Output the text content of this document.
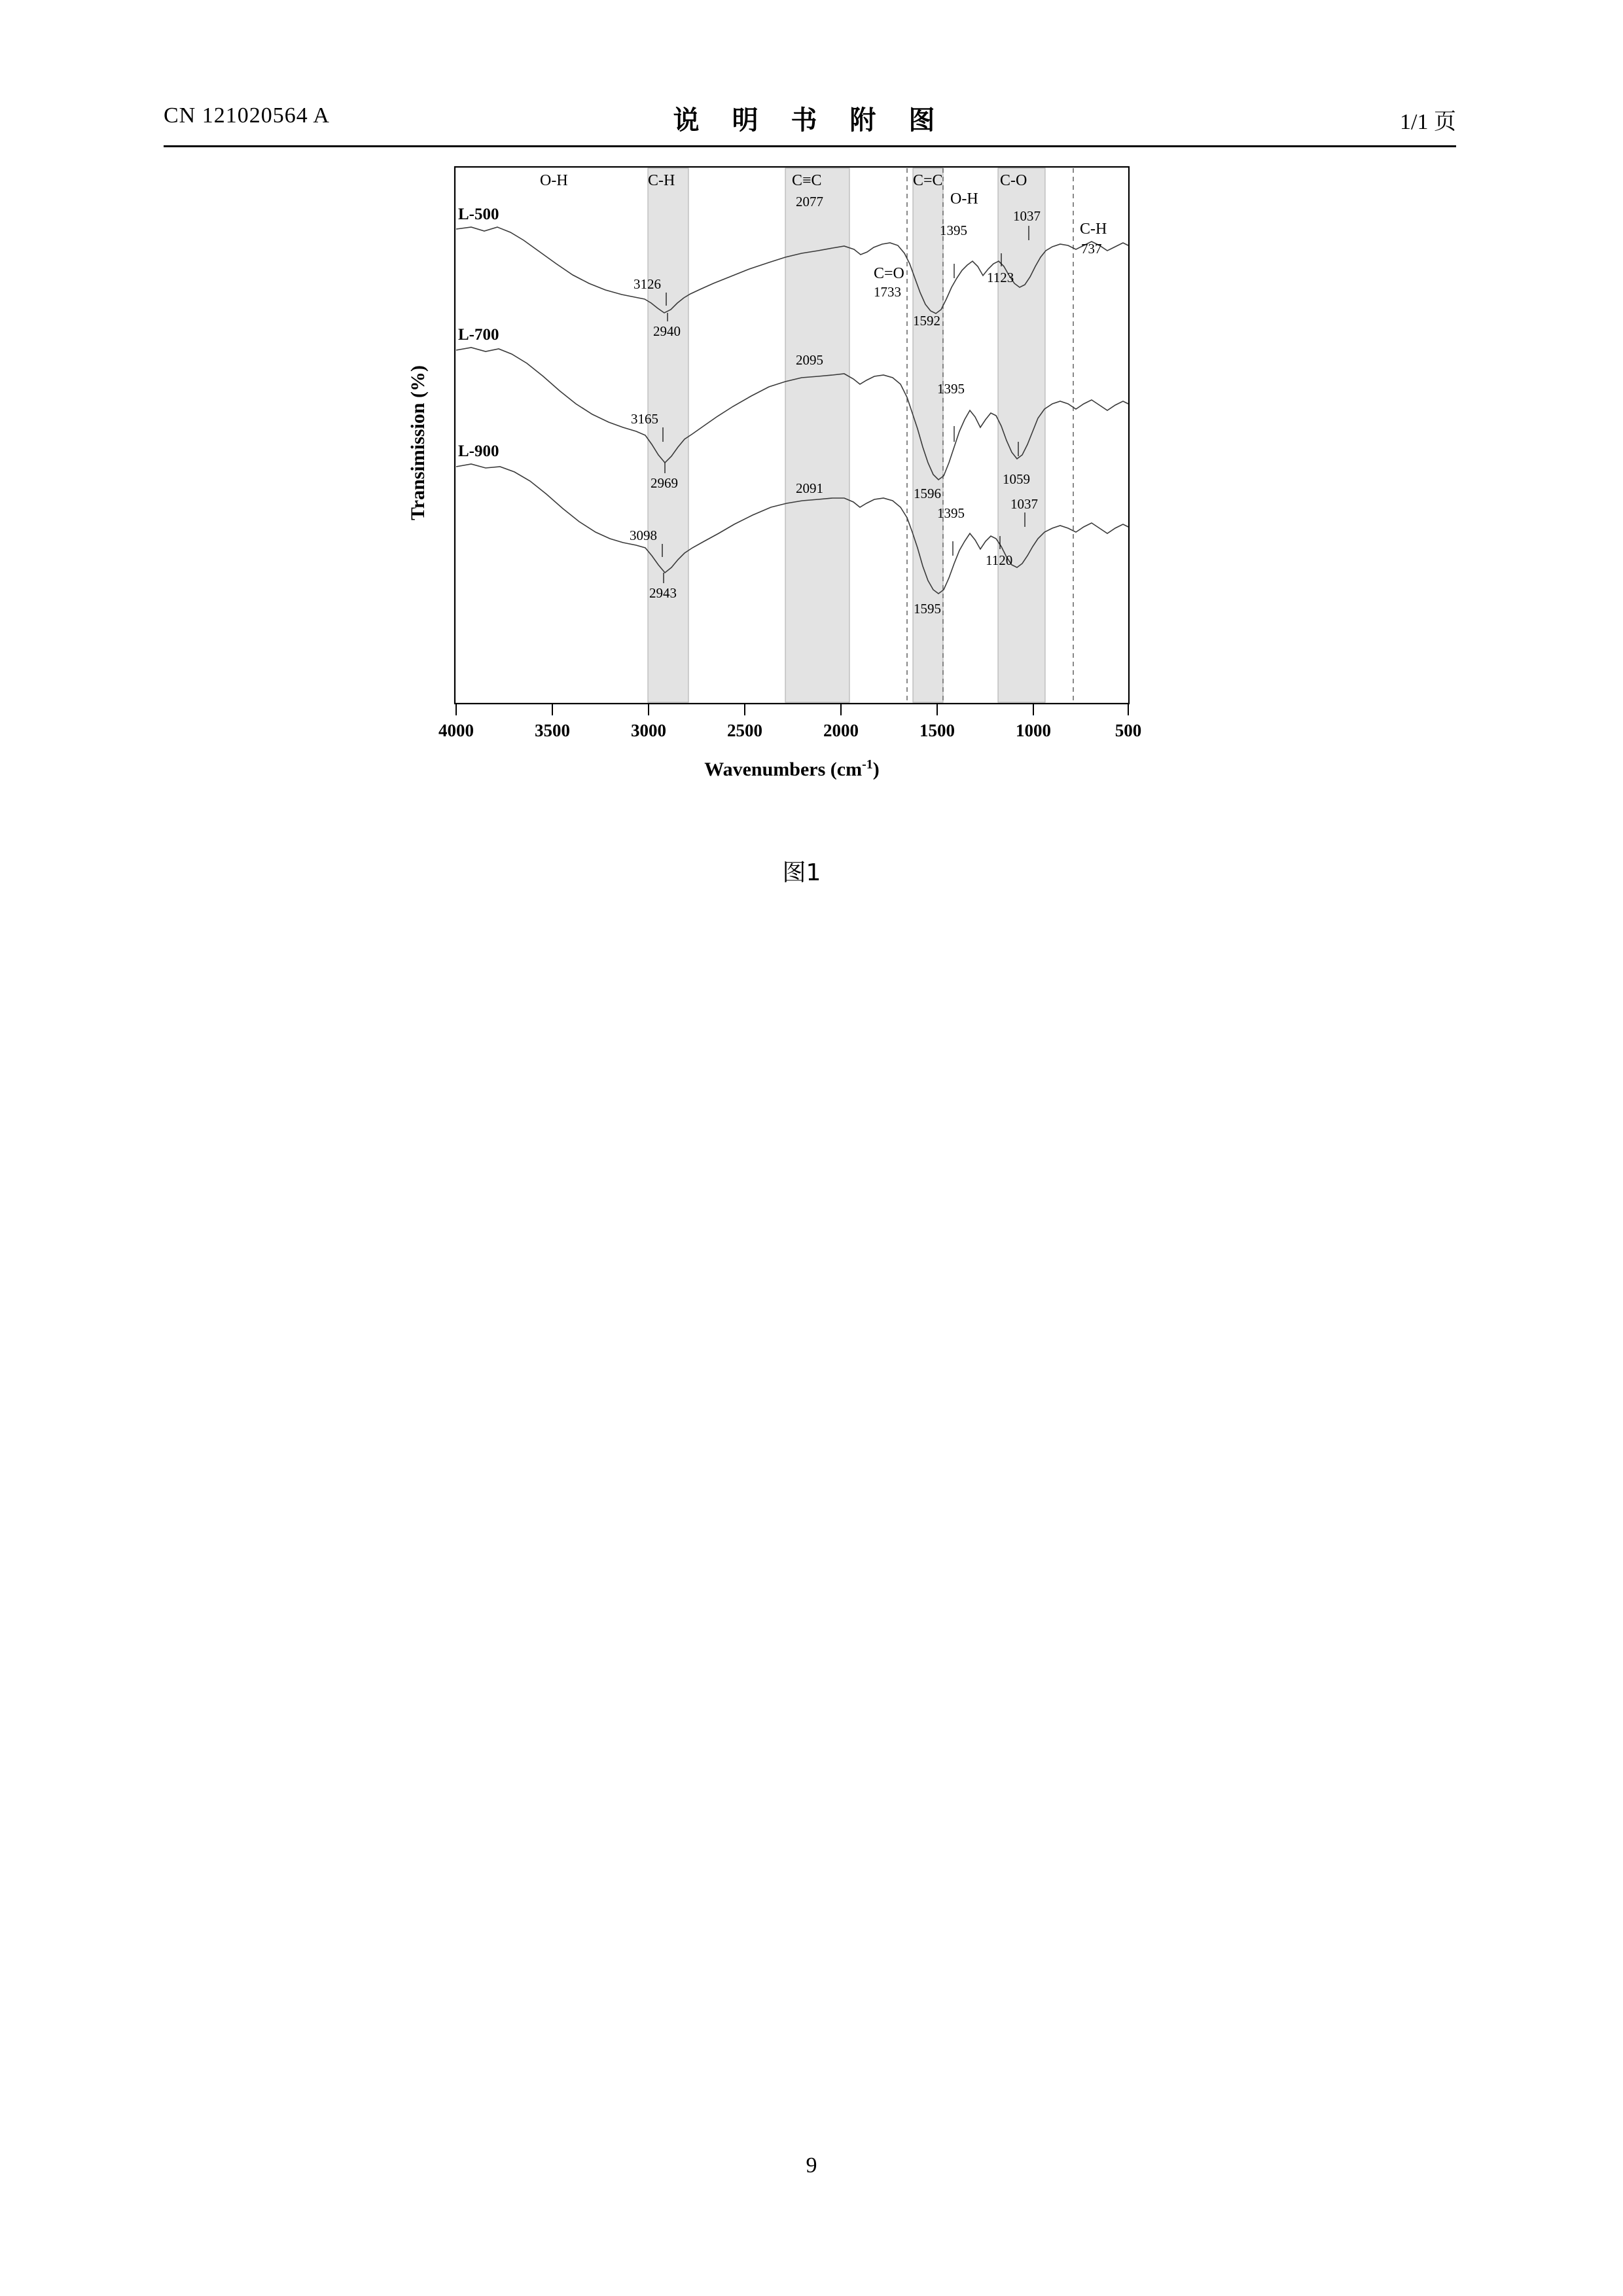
CN 121020564 A	说 明 书 附 图	1/1 页
L-500
L-700
L-900
O-H	C-H	C≡C
C=O
C=C
O-H
C-O
C-H
3126
2940
2077
1733
1592
1395
1123
1037
737
3165
2969
2095
1596
1395
1059
3098
2943
2091
1595
1395
1120
1037
4000	3500	3000	2500	2000	1500	1000	500
Wavenumbers $(cm^{-1})$
Transimission (%)
图1
9
